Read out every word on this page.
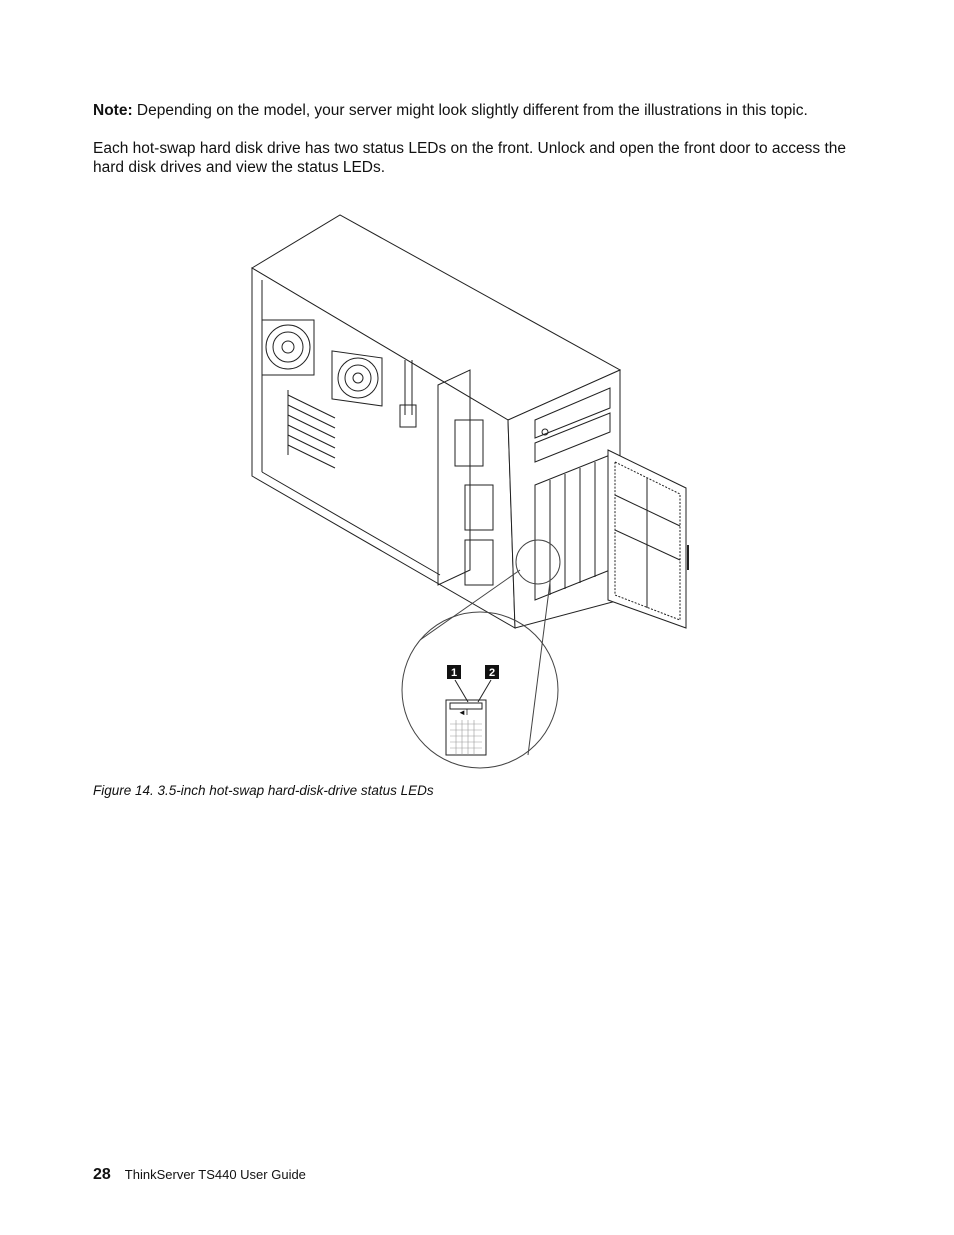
Note: Depending on the model, your server might look slightly different from the illustrations in this topic.
Each hot-swap hard disk drive has two status LEDs on the front. Unlock and open the front door to access the hard disk drives and view the status LEDs.
◄I
1	2
Figure 14. 3.5-inch hot-swap hard-disk-drive status LEDs
28 ThinkServer TS440 User Guide
